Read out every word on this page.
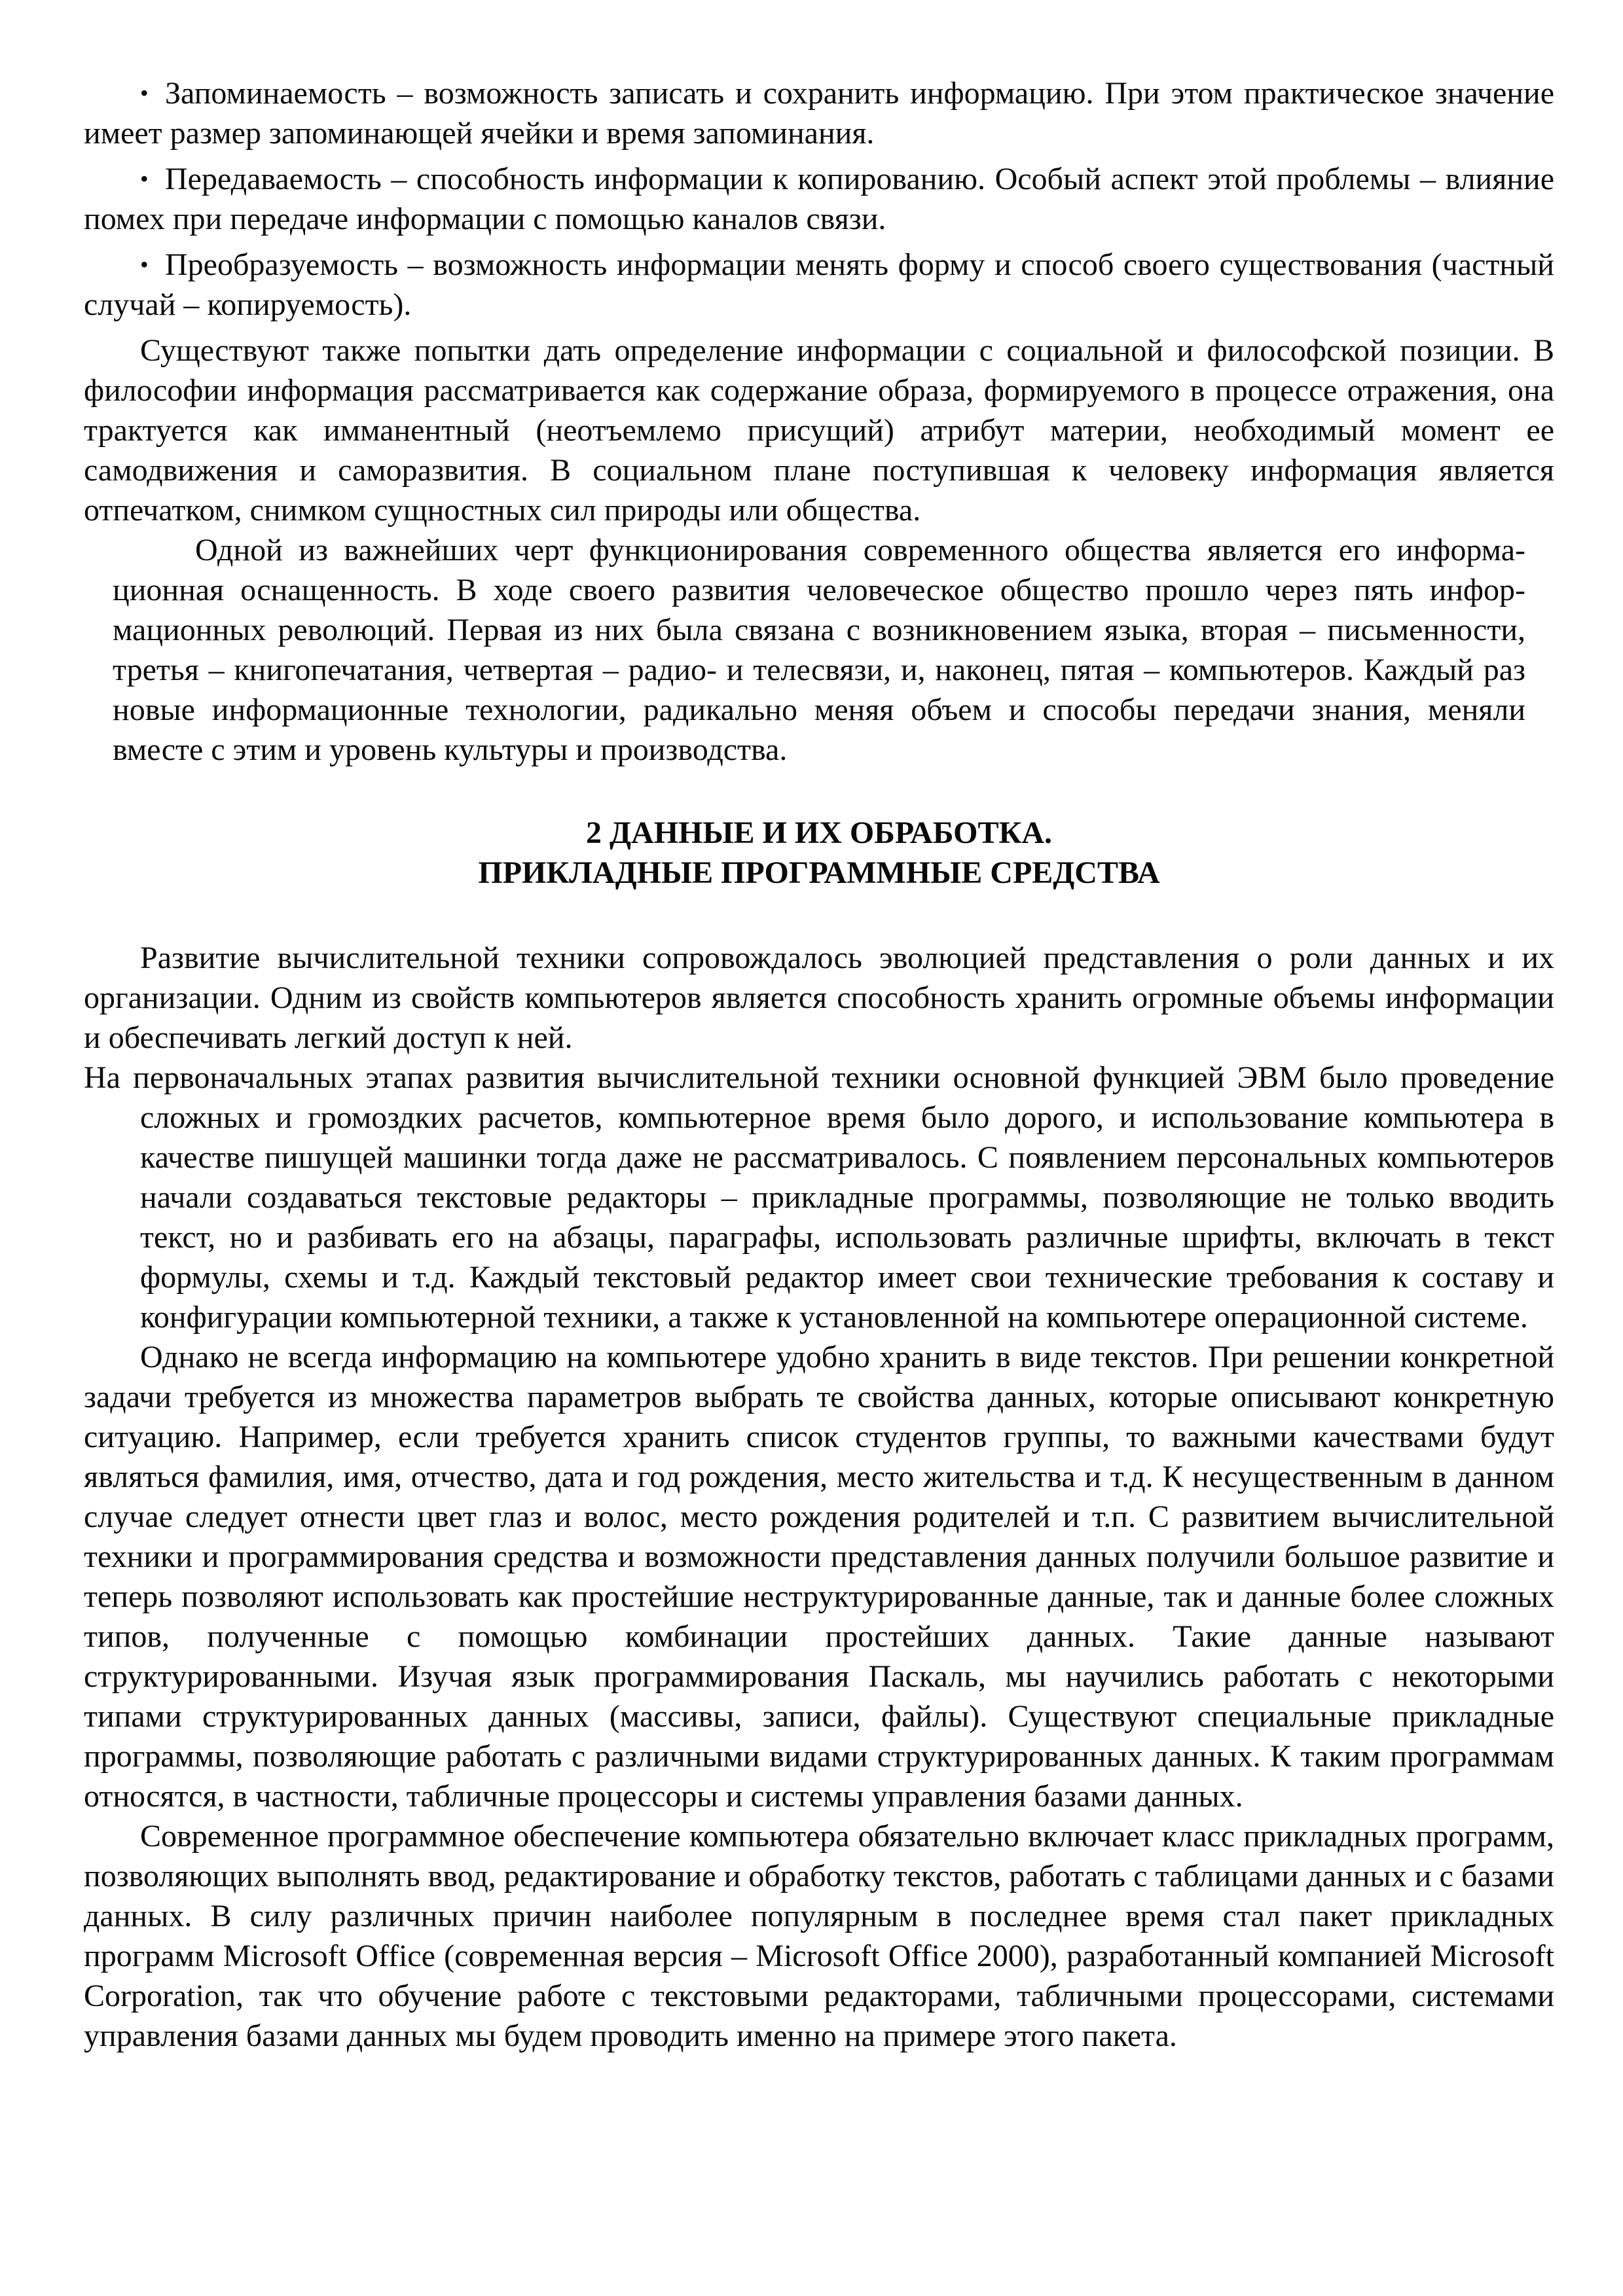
• Запоминаемость – возможность записать и сохранить информацию. При этом практическое значение имеет размер запоминающей ячейки и время запоминания.

• Передаваемость – способность информации к копированию. Особый аспект этой проблемы – влияние помех при передаче информации с помощью каналов связи.

• Преобразуемость – возможность информации менять форму и способ своего существования (частный случай – копируемость).

Существуют также попытки дать определение информации с социальной и философской позиции. В философии информация рассматривается как содержание образа, формируемого в процессе отражения, она трактуется как имманентный (неотъемлемо присущий) атрибут материи, необходимый момент ее самодвижения и саморазвития. В социальном плане поступившая к человеку информация является отпечатком, снимком сущностных сил природы или общества.

Одной из важнейших черт функционирования современного общества является его информационная оснащенность. В ходе своего развития человеческое общество прошло через пять информационных революций. Первая из них была связана с возникновением языка, вторая – письменности, третья – книгопечатания, четвертая – радио- и телесвязи, и, наконец, пятая – компьютеров. Каждый раз новые информационные технологии, радикально меняя объем и способы передачи знания, меняли вместе с этим и уровень культуры и производства.

2 ДАННЫЕ И ИХ ОБРАБОТКА.
ПРИКЛАДНЫЕ ПРОГРАММНЫЕ СРЕДСТВА

Развитие вычислительной техники сопровождалось эволюцией представления о роли данных и их организации. Одним из свойств компьютеров является способность хранить огромные объемы информации и обеспечивать легкий доступ к ней.

На первоначальных этапах развития вычислительной техники основной функцией ЭВМ было проведение сложных и громоздких расчетов, компьютерное время было дорого, и использование компьютера в качестве пишущей машинки тогда даже не рассматривалось. С появлением персональных компьютеров начали создаваться текстовые редакторы – прикладные программы, позволяющие не только вводить текст, но и разбивать его на абзацы, параграфы, использовать различные шрифты, включать в текст формулы, схемы и т.д. Каждый текстовый редактор имеет свои технические требования к составу и конфигурации компьютерной техники, а также к установленной на компьютере операционной системе.

Однако не всегда информацию на компьютере удобно хранить в виде текстов. При решении конкретной задачи требуется из множества параметров выбрать те свойства данных, которые описывают конкретную ситуацию. Например, если требуется хранить список студентов группы, то важными качествами будут являться фамилия, имя, отчество, дата и год рождения, место жительства и т.д. К несущественным в данном случае следует отнести цвет глаз и волос, место рождения родителей и т.п. С развитием вычислительной техники и программирования средства и возможности представления данных получили большое развитие и теперь позволяют использовать как простейшие неструктурированные данные, так и данные более сложных типов, полученные с помощью комбинации простейших данных. Такие данные называют структурированными. Изучая язык программирования Паскаль, мы научились работать с некоторыми типами структурированных данных (массивы, записи, файлы). Существуют специальные прикладные программы, позволяющие работать с различными видами структурированных данных. К таким программам относятся, в частности, табличные процессоры и системы управления базами данных.

Современное программное обеспечение компьютера обязательно включает класс прикладных программ, позволяющих выполнять ввод, редактирование и обработку текстов, работать с таблицами данных и с базами данных. В силу различных причин наиболее популярным в последнее время стал пакет прикладных программ Microsoft Office (современная версия – Microsoft Office 2000), разработанный компанией Microsoft Corporation, так что обучение работе с текстовыми редакторами, табличными процессорами, системами управления базами данных мы будем проводить именно на примере этого пакета.
